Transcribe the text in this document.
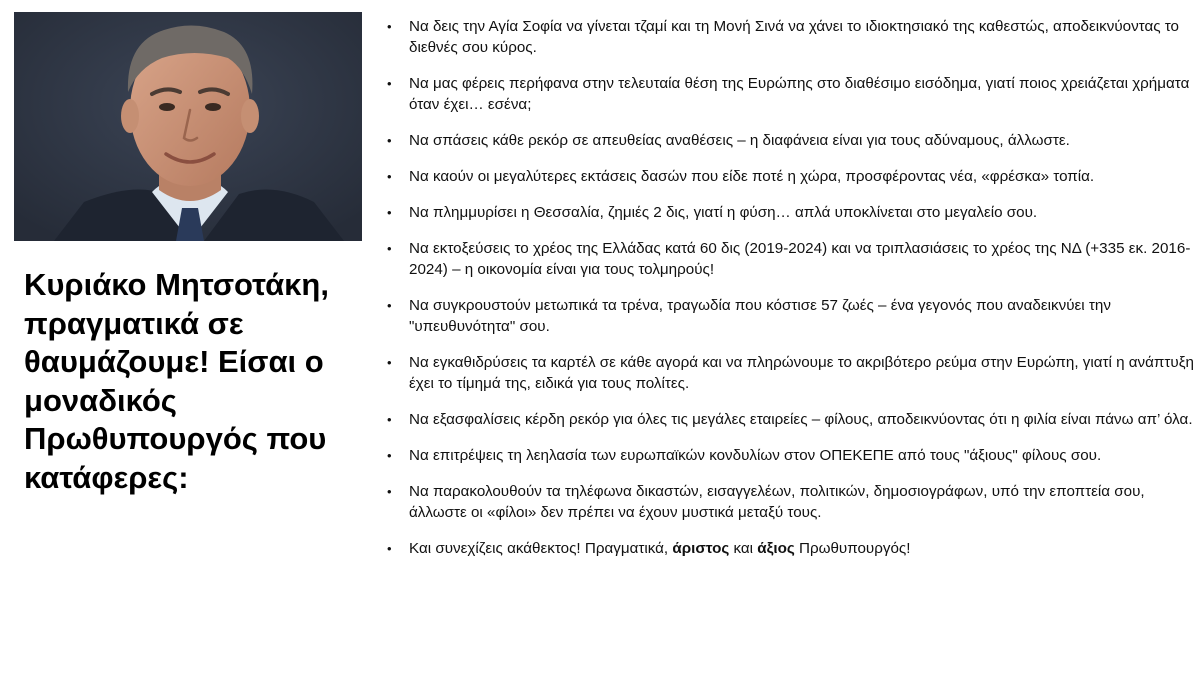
Κυριάκο Μητσοτάκη, πραγματικά σε θαυμάζουμε! Είσαι ο μοναδικός Πρωθυπουργός που κατάφερες:
• Να δεις την Αγία Σοφία να γίνεται τζαμί και τη Μονή Σινά να χάνει το ιδιοκτησιακό της καθεστώς, αποδεικνύοντας το διεθνές σου κύρος.
• Να μας φέρεις περήφανα στην τελευταία θέση της Ευρώπης στο διαθέσιμο εισόδημα, γιατί ποιος χρειάζεται χρήματα όταν έχει… εσένα;
• Να σπάσεις κάθε ρεκόρ σε απευθείας αναθέσεις – η διαφάνεια είναι για τους αδύναμους, άλλωστε.
• Να καούν οι μεγαλύτερες εκτάσεις δασών που είδε ποτέ η χώρα, προσφέροντας νέα, «φρέσκα» τοπία.
• Να πλημμυρίσει η Θεσσαλία, ζημιές 2 δις, γιατί η φύση… απλά υποκλίνεται στο μεγαλείο σου.
• Να εκτοξεύσεις το χρέος της Ελλάδας κατά 60 δις (2019-2024) και να τριπλασιάσεις το χρέος της ΝΔ (+335 εκ. 2016-2024) – η οικονομία είναι για τους τολμηρούς!
• Να συγκρουστούν μετωπικά τα τρένα, τραγωδία που κόστισε 57 ζωές – ένα γεγονός που αναδεικνύει την "υπευθυνότητα" σου.
• Να εγκαθιδρύσεις τα καρτέλ σε κάθε αγορά και να πληρώνουμε το ακριβότερο ρεύμα στην Ευρώπη, γιατί η ανάπτυξη έχει το τίμημά της, ειδικά για τους πολίτες.
• Να εξασφαλίσεις κέρδη ρεκόρ για όλες τις μεγάλες εταιρείες – φίλους, αποδεικνύοντας ότι η φιλία είναι πάνω απ’ όλα.
• Να επιτρέψεις τη λεηλασία των ευρωπαϊκών κονδυλίων στον ΟΠΕΚΕΠΕ από τους "άξιους" φίλους σου.
• Να παρακολουθούν τα τηλέφωνα δικαστών, εισαγγελέων, πολιτικών, δημοσιογράφων, υπό την εποπτεία σου, άλλωστε οι «φίλοι» δεν πρέπει να έχουν μυστικά μεταξύ τους.
• Και συνεχίζεις ακάθεκτος! Πραγματικά, άριστος και άξιος Πρωθυπουργός!
